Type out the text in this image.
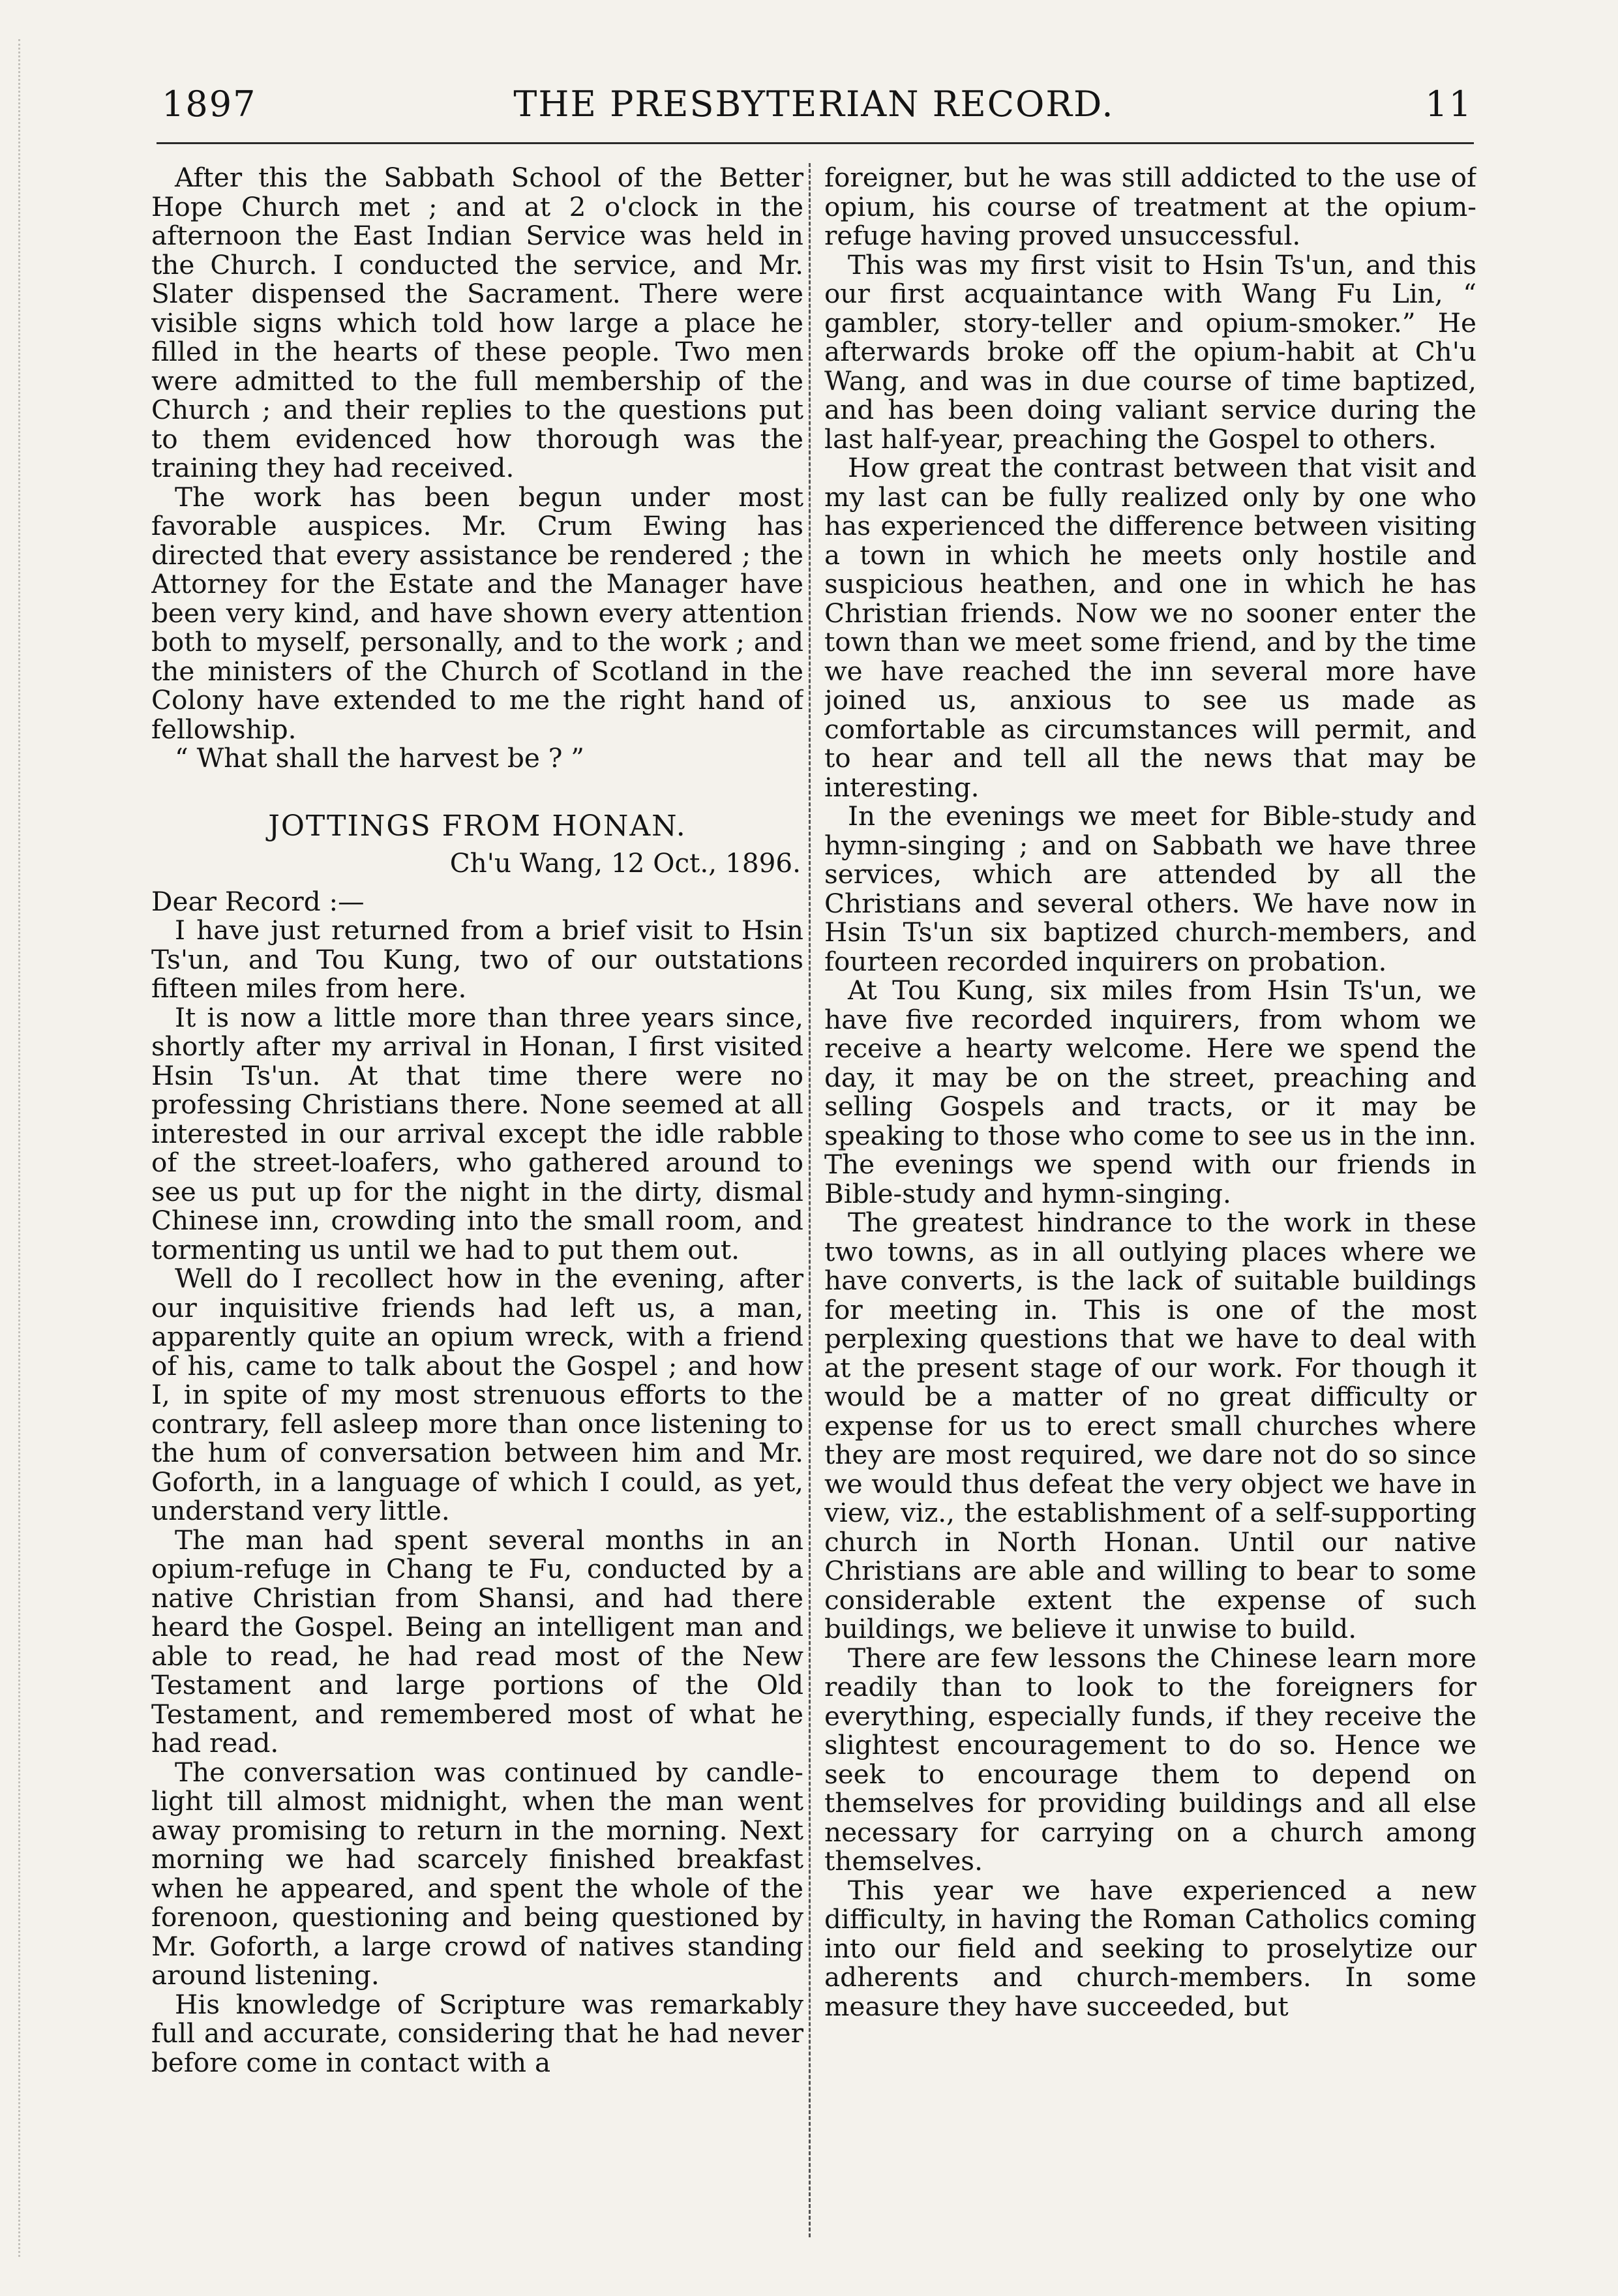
1897	THE PRESBYTERIAN RECORD.	11

After this the Sabbath School of the Better Hope Church met ; and at 2 o'clock in the afternoon the East Indian Service was held in the Church. I conducted the service, and Mr. Slater dispensed the Sacrament. There were visible signs which told how large a place he filled in the hearts of these people. Two men were admitted to the full membership of the Church ; and their replies to the questions put to them evidenced how thorough was the training they had received.

The work has been begun under most favorable auspices. Mr. Crum Ewing has directed that every assistance be rendered ; the Attorney for the Estate and the Manager have been very kind, and have shown every attention both to myself, personally, and to the work ; and the ministers of the Church of Scotland in the Colony have extended to me the right hand of fellowship.

“ What shall the harvest be ? ”

JOTTINGS FROM HONAN.
Ch'u Wang, 12 Oct., 1896.
Dear Record :—

I have just returned from a brief visit to Hsin Ts'un, and Tou Kung, two of our outstations fifteen miles from here.

It is now a little more than three years since, shortly after my arrival in Honan, I first visited Hsin Ts'un. At that time there were no professing Christians there. None seemed at all interested in our arrival except the idle rabble of the street-loafers, who gathered around to see us put up for the night in the dirty, dismal Chinese inn, crowding into the small room, and tormenting us until we had to put them out.

Well do I recollect how in the evening, after our inquisitive friends had left us, a man, apparently quite an opium wreck, with a friend of his, came to talk about the Gospel ; and how I, in spite of my most strenuous efforts to the contrary, fell asleep more than once listening to the hum of conversation between him and Mr. Goforth, in a language of which I could, as yet, understand very little.

The man had spent several months in an opium-refuge in Chang te Fu, conducted by a native Christian from Shansi, and had there heard the Gospel. Being an intelligent man and able to read, he had read most of the New Testament and large portions of the Old Testament, and remembered most of what he had read.

The conversation was continued by candle-light till almost midnight, when the man went away promising to return in the morning. Next morning we had scarcely finished breakfast when he appeared, and spent the whole of the forenoon, questioning and being questioned by Mr. Goforth, a large crowd of natives standing around listening.

His knowledge of Scripture was remarkably full and accurate, considering that he had never before come in contact with a

foreigner, but he was still addicted to the use of opium, his course of treatment at the opium-refuge having proved unsuccessful.

This was my first visit to Hsin Ts'un, and this our first acquaintance with Wang Fu Lin, “ gambler, story-teller and opium-smoker.” He afterwards broke off the opium-habit at Ch'u Wang, and was in due course of time baptized, and has been doing valiant service during the last half-year, preaching the Gospel to others.

How great the contrast between that visit and my last can be fully realized only by one who has experienced the difference between visiting a town in which he meets only hostile and suspicious heathen, and one in which he has Christian friends. Now we no sooner enter the town than we meet some friend, and by the time we have reached the inn several more have joined us, anxious to see us made as comfortable as circumstances will permit, and to hear and tell all the news that may be interesting.

In the evenings we meet for Bible-study and hymn-singing ; and on Sabbath we have three services, which are attended by all the Christians and several others. We have now in Hsin Ts'un six baptized church-members, and fourteen recorded inquirers on probation.

At Tou Kung, six miles from Hsin Ts'un, we have five recorded inquirers, from whom we receive a hearty welcome. Here we spend the day, it may be on the street, preaching and selling Gospels and tracts, or it may be speaking to those who come to see us in the inn. The evenings we spend with our friends in Bible-study and hymn-singing.

The greatest hindrance to the work in these two towns, as in all outlying places where we have converts, is the lack of suitable buildings for meeting in. This is one of the most perplexing questions that we have to deal with at the present stage of our work. For though it would be a matter of no great difficulty or expense for us to erect small churches where they are most required, we dare not do so since we would thus defeat the very object we have in view, viz., the establishment of a self-supporting church in North Honan. Until our native Christians are able and willing to bear to some considerable extent the expense of such buildings, we believe it unwise to build.

There are few lessons the Chinese learn more readily than to look to the foreigners for everything, especially funds, if they receive the slightest encouragement to do so. Hence we seek to encourage them to depend on themselves for providing buildings and all else necessary for carrying on a church among themselves.

This year we have experienced a new difficulty, in having the Roman Catholics coming into our field and seeking to proselytize our adherents and church-members. In some measure they have succeeded, but
